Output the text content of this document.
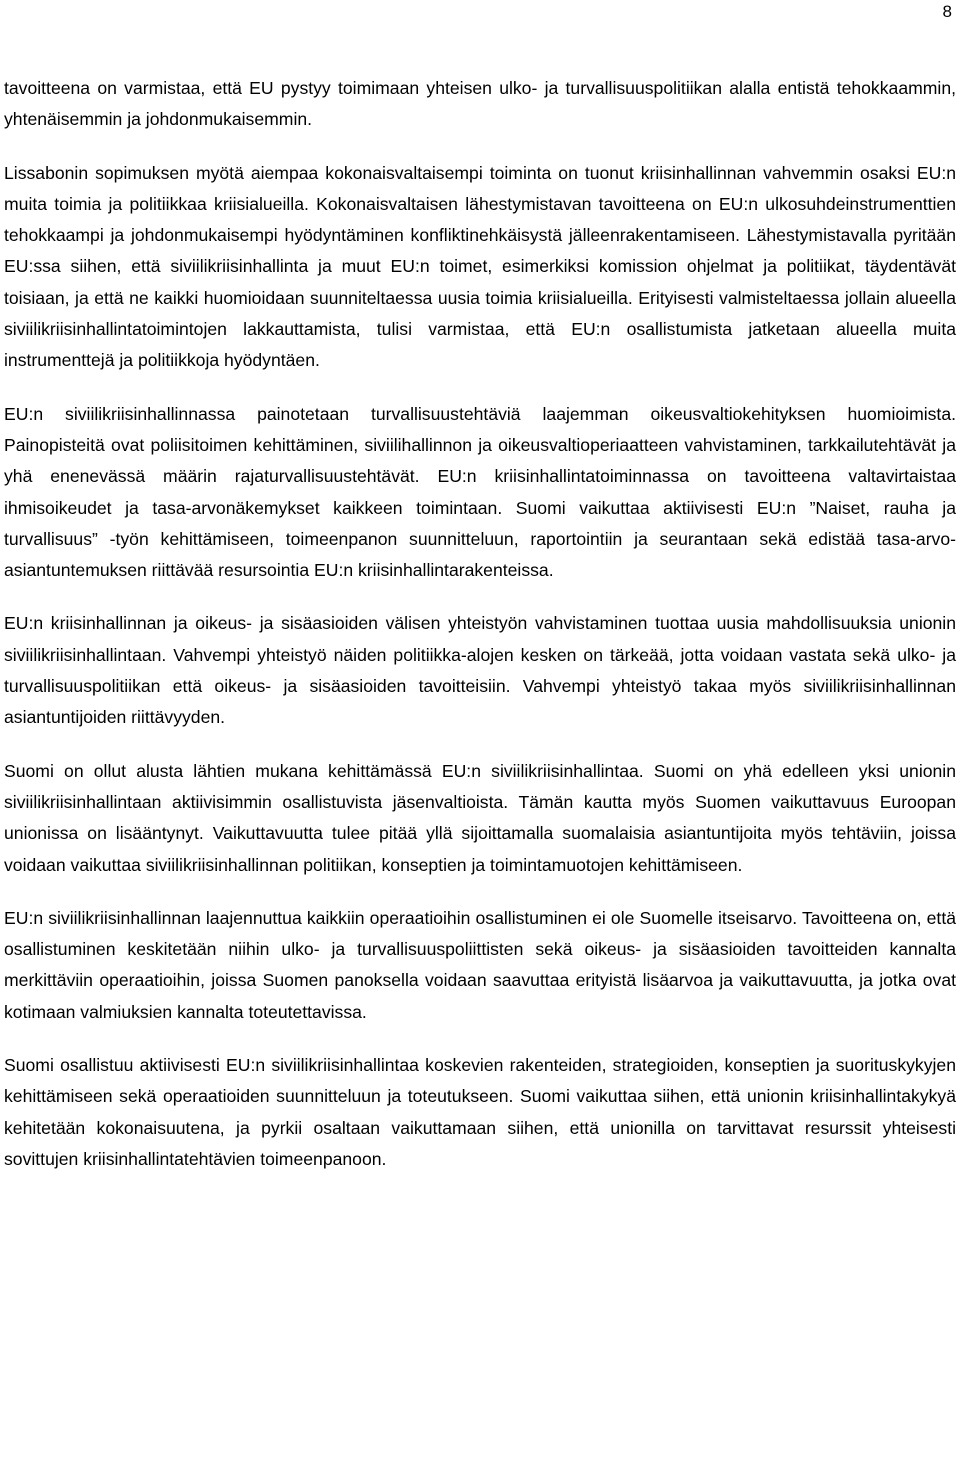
8

tavoitteena on varmistaa, että EU pystyy toimimaan yhteisen ulko- ja turvallisuuspolitiikan alalla entistä tehokkaammin, yhtenäisemmin ja johdonmukaisemmin.

Lissabonin sopimuksen myötä aiempaa kokonaisvaltaisempi toiminta on tuonut kriisinhallinnan vahvemmin osaksi EU:n muita toimia ja politiikkaa kriisialueilla. Kokonaisvaltaisen lähestymistavan tavoitteena on EU:n ulkosuhdeinstrumenttien tehokkaampi ja johdonmukaisempi hyödyntäminen konfliktinehkäisystä jälleenrakentamiseen. Lähestymistavalla pyritään EU:ssa siihen, että siviilikriisinhallinta ja muut EU:n toimet, esimerkiksi komission ohjelmat ja politiikat, täydentävät toisiaan, ja että ne kaikki huomioidaan suunniteltaessa uusia toimia kriisialueilla. Erityisesti valmisteltaessa jollain alueella siviilikriisinhallintatoimintojen lakkauttamista, tulisi varmistaa, että EU:n osallistumista jatketaan alueella muita instrumenttejä ja politiikkoja hyödyntäen.

EU:n siviilikriisinhallinnassa painotetaan turvallisuustehtäviä laajemman oikeusvaltiokehityksen huomioimista. Painopisteitä ovat poliisitoimen kehittäminen, siviilihallinnon ja oikeusvaltioperiaatteen vahvistaminen, tarkkailutehtävät ja yhä enenevässä määrin rajaturvallisuustehtävät. EU:n kriisinhallintatoiminnassa on tavoitteena valtavirtaistaa ihmisoikeudet ja tasa-arvonäkemykset kaikkeen toimintaan. Suomi vaikuttaa aktiivisesti EU:n ”Naiset, rauha ja turvallisuus” -työn kehittämiseen, toimeenpanon suunnitteluun, raportointiin ja seurantaan sekä edistää tasa-arvo-asiantuntemuksen riittävää resursointia EU:n kriisinhallintarakenteissa.

EU:n kriisinhallinnan ja oikeus- ja sisäasioiden välisen yhteistyön vahvistaminen tuottaa uusia mahdollisuuksia unionin siviilikriisinhallintaan. Vahvempi yhteistyö näiden politiikka-alojen kesken on tärkeää, jotta voidaan vastata sekä ulko- ja turvallisuuspolitiikan että oikeus- ja sisäasioiden tavoitteisiin. Vahvempi yhteistyö takaa myös siviilikriisinhallinnan asiantuntijoiden riittävyyden.

Suomi on ollut alusta lähtien mukana kehittämässä EU:n siviilikriisinhallintaa. Suomi on yhä edelleen yksi unionin siviilikriisinhallintaan aktiivisimmin osallistuvista jäsenvaltioista. Tämän kautta myös Suomen vaikuttavuus Euroopan unionissa on lisääntynyt. Vaikuttavuutta tulee pitää yllä sijoittamalla suomalaisia asiantuntijoita myös tehtäviin, joissa voidaan vaikuttaa siviilikriisinhallinnan politiikan, konseptien ja toimintamuotojen kehittämiseen.

EU:n siviilikriisinhallinnan laajennuttua kaikkiin operaatioihin osallistuminen ei ole Suomelle itseisarvo. Tavoitteena on, että osallistuminen keskitetään niihin ulko- ja turvallisuuspoliittisten sekä oikeus- ja sisäasioiden tavoitteiden kannalta merkittäviin operaatioihin, joissa Suomen panoksella voidaan saavuttaa erityistä lisäarvoa ja vaikuttavuutta, ja jotka ovat kotimaan valmiuksien kannalta toteutettavissa.

Suomi osallistuu aktiivisesti EU:n siviilikriisinhallintaa koskevien rakenteiden, strategioiden, konseptien ja suorituskykyjen kehittämiseen sekä operaatioiden suunnitteluun ja toteutukseen. Suomi vaikuttaa siihen, että unionin kriisinhallintakykyä kehitetään kokonaisuutena, ja pyrkii osaltaan vaikuttamaan siihen, että unionilla on tarvittavat resurssit yhteisesti sovittujen kriisinhallintatehtävien toimeenpanoon.
